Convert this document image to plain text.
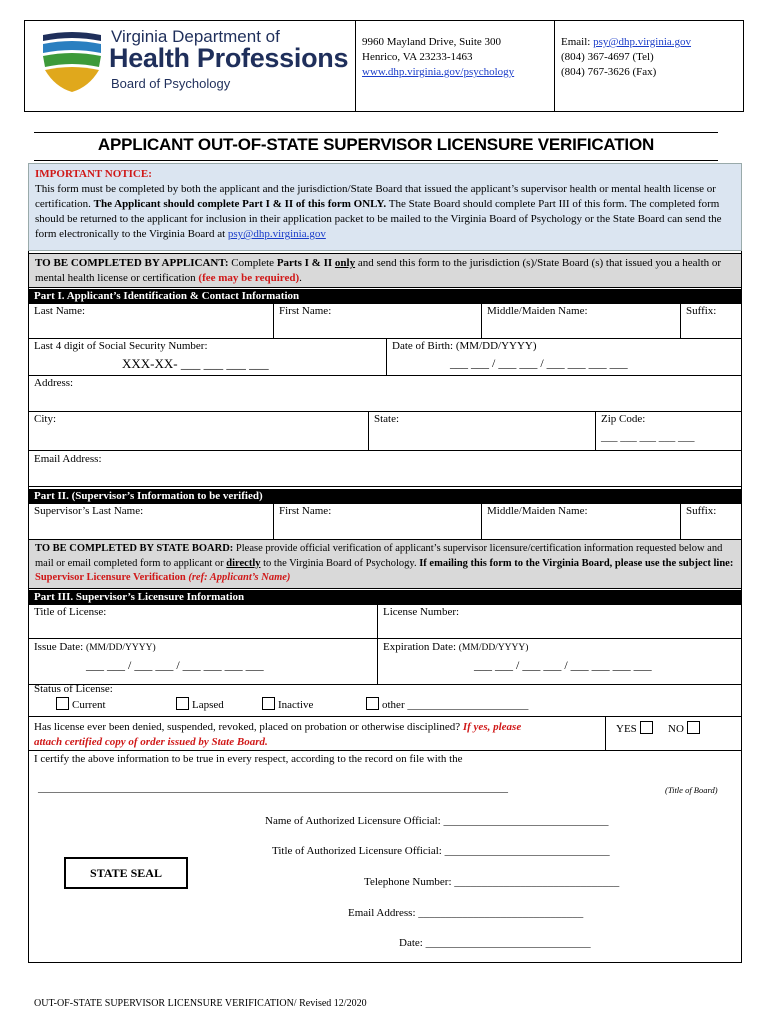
Virginia Department of
Health Professions
Board of Psychology
9960 Mayland Drive, Suite 300
Henrico, VA 23233-1463
www.dhp.virginia.gov/psychology
Email: psy@dhp.virginia.gov
(804) 367-4697 (Tel)
(804) 767-3626 (Fax)
APPLICANT OUT-OF-STATE SUPERVISOR LICENSURE VERIFICATION
IMPORTANT NOTICE:
This form must be completed by both the applicant and the jurisdiction/State Board that issued the applicant’s supervisor health or mental health license or certification. The Applicant should complete Part I & II of this form ONLY. The State Board should complete Part III of this form. The completed form should be returned to the applicant for inclusion in their application packet to be mailed to the Virginia Board of Psychology or the State Board can send the form electronically to the Virginia Board at psy@dhp.virginia.gov
TO BE COMPLETED BY APPLICANT: Complete Parts I & II only and send this form to the jurisdiction (s)/State Board (s) that issued you a health or mental health license or certification (fee may be required).
Part I. Applicant’s Identification & Contact Information
Last Name:	First Name:	Middle/Maiden Name:	Suffix:
Last 4 digit of Social Security Number:
XXX-XX- ___ ___ ___ ___
Date of Birth: (MM/DD/YYYY)
___ ___ / ___ ___ / ___ ___ ___ ___
Address:
City:	State:	Zip Code:
___ ___ ___ ___ ___
Email Address:
Part II. (Supervisor’s Information to be verified)
Supervisor’s Last Name:	First Name:	Middle/Maiden Name:	Suffix:
TO BE COMPLETED BY STATE BOARD: Please provide official verification of applicant’s supervisor licensure/certification information requested below and mail or email completed form to applicant or directly to the Virginia Board of Psychology. If emailing this form to the Virginia Board, please use the subject line: Supervisor Licensure Verification (ref: Applicant’s Name)
Part III. Supervisor’s Licensure Information
Title of License:	License Number:
Issue Date: (MM/DD/YYYY)
___ ___ / ___ ___ / ___ ___ ___ ___
Expiration Date: (MM/DD/YYYY)
___ ___ / ___ ___ / ___ ___ ___ ___
Status of License:
Current	Lapsed	Inactive	other ______________________
Has license ever been denied, suspended, revoked, placed on probation or otherwise disciplined? If yes, please
attach certified copy of order issued by State Board.
YES	NO
I certify the above information to be true in every respect, according to the record on file with the
______________________________________________________________________________________________	(Title of Board)
Name of Authorized Licensure Official: ______________________________
Title of Authorized Licensure Official: ______________________________
STATE SEAL
Telephone Number: ______________________________
Email Address: ______________________________
Date: ______________________________
OUT-OF-STATE SUPERVISOR LICENSURE VERIFICATION/ Revised 12/2020
